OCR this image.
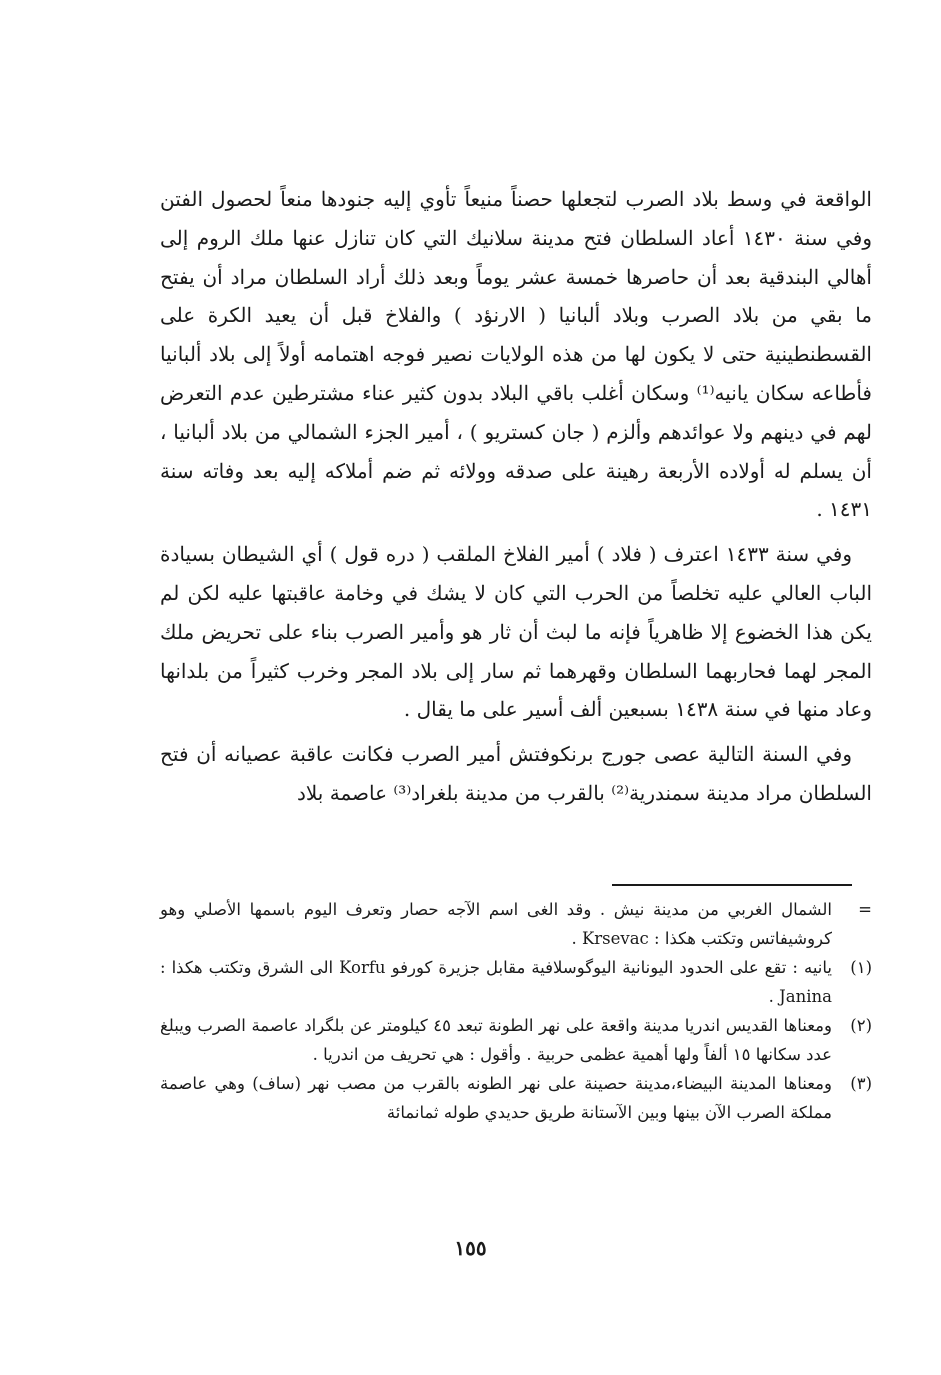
الواقعة في وسط بلاد الصرب لتجعلها حصناً منيعاً تأوي إليه جنودها منعاً لحصول الفتن وفي سنة ١٤٣٠ أعاد السلطان فتح مدينة سلانيك التي كان تنازل عنها ملك الروم إلى أهالي البندقية بعد أن حاصرها خمسة عشر يوماً وبعد ذلك أراد السلطان مراد أن يفتح ما بقي من بلاد الصرب وبلاد ألبانيا ( الارنؤد ) والفلاخ قبل أن يعيد الكرة على القسطنطينية حتى لا يكون لها من هذه الولايات نصير فوجه اهتمامه أولاً إلى بلاد ألبانيا فأطاعه سكان يانيه⁽¹⁾ وسكان أغلب باقي البلاد بدون كثير عناء مشترطين عدم التعرض لهم في دينهم ولا عوائدهم وألزم ( جان كستريو ) ، أمير الجزء الشمالي من بلاد ألبانيا ، أن يسلم له أولاده الأربعة رهينة على صدقه وولائه ثم ضم أملاكه إليه بعد وفاته سنة ١٤٣١ .

وفي سنة ١٤٣٣ اعترف ( فلاد ) أمير الفلاخ الملقب ( دره قول ) أي الشيطان بسيادة الباب العالي عليه تخلصاً من الحرب التي كان لا يشك في وخامة عاقبتها عليه لكن لم يكن هذا الخضوع إلا ظاهرياً فإنه ما لبث أن ثار هو وأمير الصرب بناء على تحريض ملك المجر لهما فحاربهما السلطان وقهرهما ثم سار إلى بلاد المجر وخرب كثيراً من بلدانها وعاد منها في سنة ١٤٣٨ بسبعين ألف أسير على ما يقال .

وفي السنة التالية عصى جورج برنكوفتش أمير الصرب فكانت عاقبة عصيانه أن فتح السلطان مراد مدينة سمندرية⁽²⁾ بالقرب من مدينة بلغراد⁽³⁾ عاصمة بلاد

=
الشمال الغربي من مدينة نيش . وقد الغى اسم الآجه حصار وتعرف اليوم باسمها الأصلي وهو كروشيفاتس وتكتب هكذا : Krsevac .
(١)
يانيه : تقع على الحدود اليونانية اليوگوسلافية مقابل جزيرة كورفو Korfu الى الشرق وتكتب هكذا : Janina .
(٢)
ومعناها القديس اندريا مدينة واقعة على نهر الطونة تبعد ٤٥ كيلومتر عن بلگراد عاصمة الصرب ويبلغ عدد سكانها ١٥ ألفاً ولها أهمية عظمى حربية . وأقول : هي تحريف من اندريا .
(٣)
ومعناها المدينة البيضاء،مدينة حصينة على نهر الطونه بالقرب من مصب نهر (ساف) وهي عاصمة مملكة الصرب الآن بينها وبين الآستانة طريق حديدي طوله ثمانمائة
١٥٥
